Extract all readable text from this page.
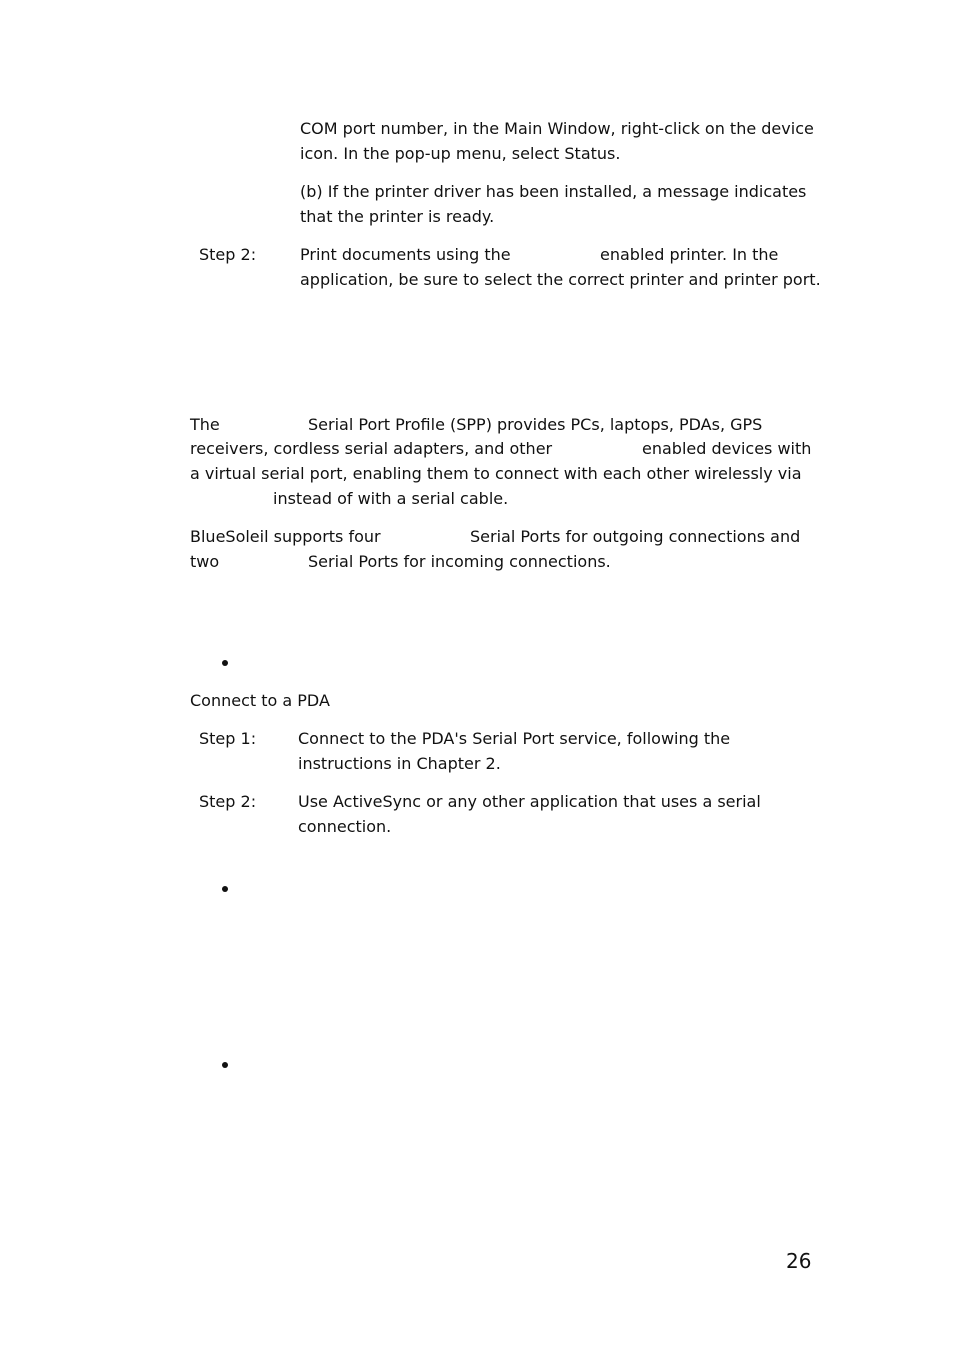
COM port number, in the Main Window, right-click on the device
icon. In the pop-up menu, select Status.
(b) If the printer driver has been installed, a message indicates
that the printer is ready.
Step 2:	Print documents using the	enabled printer. In the
application, be sure to select the correct printer and printer port.
The	Serial Port Profile (SPP) provides PCs, laptops, PDAs, GPS
receivers, cordless serial adapters, and other	enabled devices with
a virtual serial port, enabling them to connect with each other wirelessly via
instead of with a serial cable.
BlueSoleil supports four	Serial Ports for outgoing connections and
two	Serial Ports for incoming connections.
Connect to a PDA
Step 1:	Connect to the PDA's Serial Port service, following the
instructions in Chapter 2.
Step 2:	Use ActiveSync or any other application that uses a serial
connection.
26
